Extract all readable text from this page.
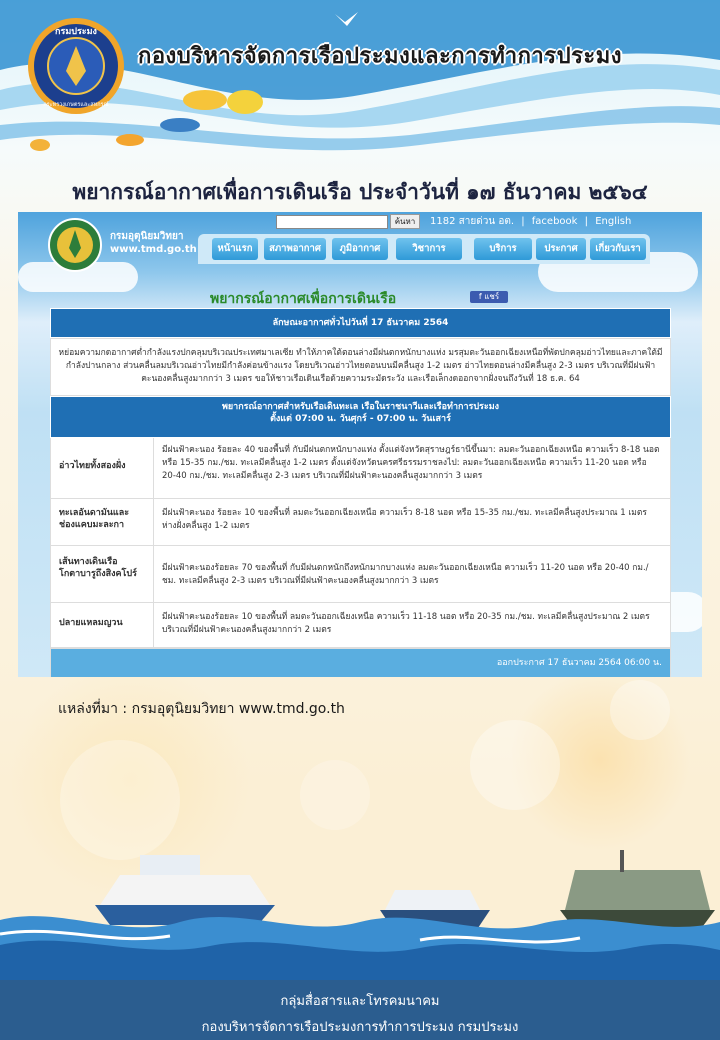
กรมประมง
กระทรวงเกษตรและสหกรณ์
กองบริหารจัดการเรือประมงและการทำการประมง
พยากรณ์อากาศเพื่อการเดินเรือ ประจำวันที่ ๑๗ ธันวาคม ๒๕๖๔
กรมอุตุนิยมวิทยา
www.tmd.go.th
ค้นหา	1182 สายด่วน อต. | facebook | English
หน้าแรก	สภาพอากาศ	ภูมิอากาศ	วิชาการ	บริการ	ประกาศ	เกี่ยวกับเรา
พยากรณ์อากาศเพื่อการเดินเรือ	f แชร์
ลักษณะอากาศทั่วไปวันที่ 17 ธันวาคม 2564
หย่อมความกดอากาศต่ำกำลังแรงปกคลุมบริเวณประเทศมาเลเซีย ทำให้ภาคใต้ตอนล่างมีฝนตกหนักบางแห่ง มรสุมตะวันออกเฉียงเหนือที่พัดปกคลุมอ่าวไทยและภาคใต้มีกำลังปานกลาง ส่วนคลื่นลมบริเวณอ่าวไทยมีกำลังค่อนข้างแรง โดยบริเวณอ่าวไทยตอนบนมีคลื่นสูง 1-2 เมตร อ่าวไทยตอนล่างมีคลื่นสูง 2-3 เมตร บริเวณที่มีฝนฟ้าคะนองคลื่นสูงมากกว่า 3 เมตร ขอให้ชาวเรือเดินเรือด้วยความระมัดระวัง และเรือเล็กงดออกจากฝั่งจนถึงวันที่ 18 ธ.ค. 64
พยากรณ์อากาศสำหรับเรือเดินทะเล เรือในราชนาวีและเรือทำการประมง
ตั้งแต่ 07:00 น. วันศุกร์ - 07:00 น. วันเสาร์
อ่าวไทยทั้งสองฝั่ง
มีฝนฟ้าคะนอง ร้อยละ 40 ของพื้นที่ กับมีฝนตกหนักบางแห่ง ตั้งแต่จังหวัดสุราษฎร์ธานีขึ้นมา: ลมตะวันออกเฉียงเหนือ ความเร็ว 8-18 นอต หรือ 15-35 กม./ชม. ทะเลมีคลื่นสูง 1-2 เมตร ตั้งแต่จังหวัดนครศรีธรรมราชลงไป: ลมตะวันออกเฉียงเหนือ ความเร็ว 11-20 นอต หรือ 20-40 กม./ชม. ทะเลมีคลื่นสูง 2-3 เมตร บริเวณที่มีฝนฟ้าคะนองคลื่นสูงมากกว่า 3 เมตร
ทะเลอันดามันและช่องแคบมะละกา
มีฝนฟ้าคะนอง ร้อยละ 10 ของพื้นที่ ลมตะวันออกเฉียงเหนือ ความเร็ว 8-18 นอต หรือ 15-35 กม./ชม. ทะเลมีคลื่นสูงประมาณ 1 เมตร ห่างฝั่งคลื่นสูง 1-2 เมตร
เส้นทางเดินเรือโกตาบารูถึงสิงคโปร์
มีฝนฟ้าคะนองร้อยละ 70 ของพื้นที่ กับมีฝนตกหนักถึงหนักมากบางแห่ง ลมตะวันออกเฉียงเหนือ ความเร็ว 11-20 นอต หรือ 20-40 กม./ชม. ทะเลมีคลื่นสูง 2-3 เมตร บริเวณที่มีฝนฟ้าคะนองคลื่นสูงมากกว่า 3 เมตร
ปลายแหลมญวน
มีฝนฟ้าคะนองร้อยละ 10 ของพื้นที่ ลมตะวันออกเฉียงเหนือ ความเร็ว 11-18 นอต หรือ 20-35 กม./ชม. ทะเลมีคลื่นสูงประมาณ 2 เมตร บริเวณที่มีฝนฟ้าคะนองคลื่นสูงมากกว่า 2 เมตร
ออกประกาศ 17 ธันวาคม 2564 06:00 น.
แหล่งที่มา : กรมอุตุนิยมวิทยา www.tmd.go.th
กลุ่มสื่อสารและโทรคมนาคม
กองบริหารจัดการเรือประมงการทำการประมง กรมประมง
